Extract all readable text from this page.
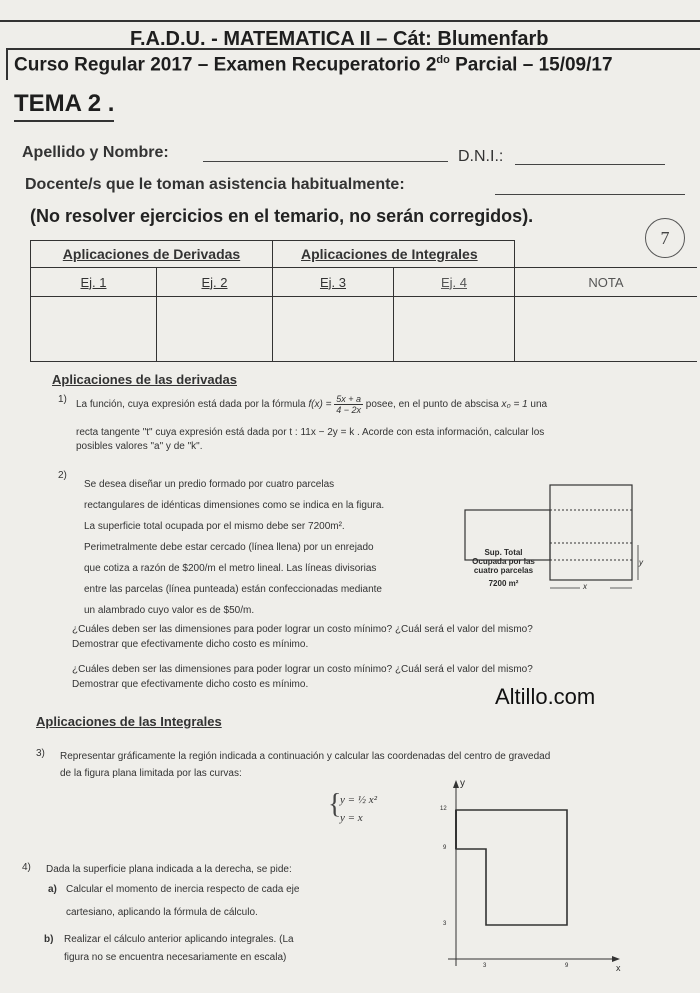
F.A.D.U. - MATEMATICA II – Cát: Blumenfarb
Curso Regular 2017 – Examen Recuperatorio $2^{do}$ Parcial – 15/09/17
TEMA 2 .
Apellido y Nombre:	D.N.I.:
Docente/s que le toman asistencia habitualmente:
(No resolver ejercicios en el temario, no serán corregidos).
7
Aplicaciones de Derivadas		Aplicaciones de Integrales		
Ej. 1	Ej. 2	Ej. 3	Ej. 4	NOTA

Aplicaciones de las derivadas
1) La función, cuya expresión está dada por la fórmula $f(x) = \frac{5x + a}{4 - 2x}$ posee, en el punto de abscisa x₀ = 1 una
recta tangente "t" cuya expresión está dada por t : 11x − 2y = k . Acorde con esta información, calcular los
posibles valores "a" y de "k".
2)
Se desea diseñar un predio formado por cuatro parcelas
rectangulares de idénticas dimensiones como se indica en la figura.
La superficie total ocupada por el mismo debe ser 7200m².
Perimetralmente debe estar cercado (línea llena) por un enrejado
que cotiza a razón de $200/m el metro lineal. Las líneas divisorias
entre las parcelas (línea punteada) están confeccionadas mediante
un alambrado cuyo valor es de $50/m.
¿Cuáles deben ser las dimensiones para poder lograr un costo mínimo? ¿Cuál será el valor del mismo?
Demostrar que efectivamente dicho costo es mínimo.
¿Cuáles deben ser las dimensiones para poder lograr un costo mínimo? ¿Cuál será el valor del mismo?
Demostrar que efectivamente dicho costo es mínimo.
Sup. Total
Ocupada por las
cuatro parcelas
7200 m²	x
y
Altillo.com
Aplicaciones de las Integrales
3) Representar gráficamente la región indicada a continuación y calcular las coordenadas del centro de gravedad
de la figura plana limitada por las curvas:
{
y = ½ x²
y = x
4) Dada la superficie plana indicada a la derecha, se pide:
a) Calcular el momento de inercia respecto de cada eje
cartesiano, aplicando la fórmula de cálculo.
b) Realizar el cálculo anterior aplicando integrales. (La
figura no se encuentra necesariamente en escala)
y
12
9
3
3	9	x
